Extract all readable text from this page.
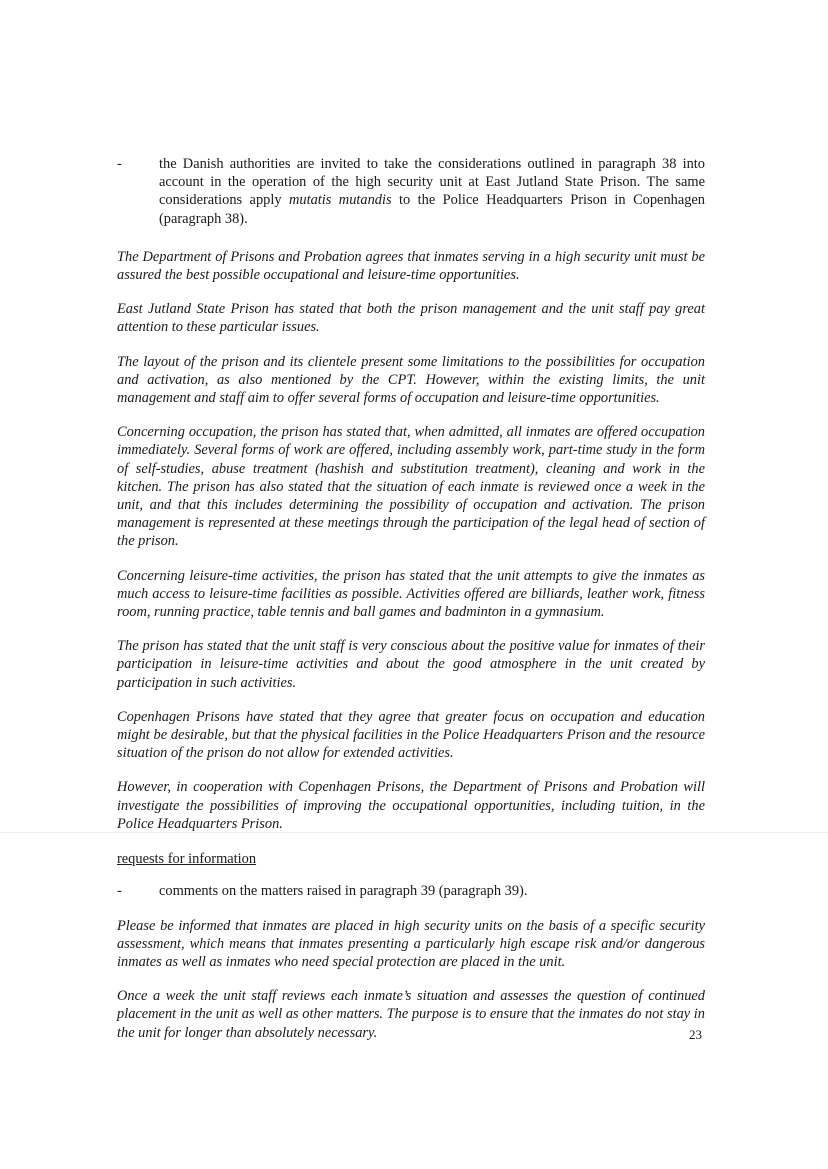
-	the Danish authorities are invited to take the considerations outlined in paragraph 38 into account in the operation of the high security unit at East Jutland State Prison. The same considerations apply mutatis mutandis to the Police Headquarters Prison in Copenhagen (paragraph 38).

The Department of Prisons and Probation agrees that inmates serving in a high security unit must be assured the best possible occupational and leisure-time opportunities.

East Jutland State Prison has stated that both the prison management and the unit staff pay great attention to these particular issues.

The layout of the prison and its clientele present some limitations to the possibilities for occupation and activation, as also mentioned by the CPT. However, within the existing limits, the unit management and staff aim to offer several forms of occupation and leisure-time opportunities.

Concerning occupation, the prison has stated that, when admitted, all inmates are offered occupation immediately. Several forms of work are offered, including assembly work, part-time study in the form of self-studies, abuse treatment (hashish and substitution treatment), cleaning and work in the kitchen. The prison has also stated that the situation of each inmate is reviewed once a week in the unit, and that this includes determining the possibility of occupation and activation. The prison management is represented at these meetings through the participation of the legal head of section of the prison.

Concerning leisure-time activities, the prison has stated that the unit attempts to give the inmates as much access to leisure-time facilities as possible. Activities offered are billiards, leather work, fitness room, running practice, table tennis and ball games and badminton in a gymnasium.

The prison has stated that the unit staff is very conscious about the positive value for inmates of their participation in leisure-time activities and about the good atmosphere in the unit created by participation in such activities.

Copenhagen Prisons have stated that they agree that greater focus on occupation and education might be desirable, but that the physical facilities in the Police Headquarters Prison and the resource situation of the prison do not allow for extended activities.

However, in cooperation with Copenhagen Prisons, the Department of Prisons and Probation will investigate the possibilities of improving the occupational opportunities, including tuition, in the Police Headquarters Prison.

requests for information

-	comments on the matters raised in paragraph 39 (paragraph 39).

Please be informed that inmates are placed in high security units on the basis of a specific security assessment, which means that inmates presenting a particularly high escape risk and/or dangerous inmates as well as inmates who need special protection are placed in the unit.

Once a week the unit staff reviews each inmate’s situation and assesses the question of continued placement in the unit as well as other matters. The purpose is to ensure that the inmates do not stay in the unit for longer than absolutely necessary.	23
